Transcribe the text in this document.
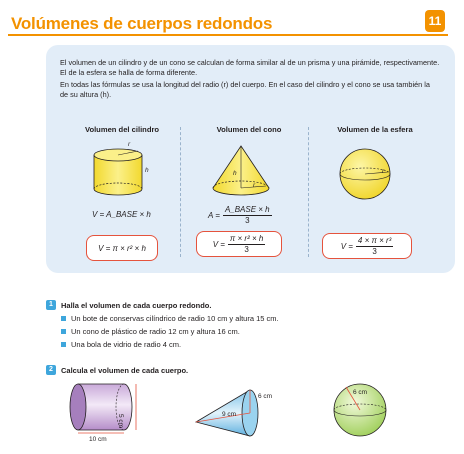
Volúmenes de cuerpos redondos	11

El volumen de un cilindro y de un cono se calculan de forma similar al de un prisma y una pirámide, respectivamente. El de la esfera se halla de forma diferente.

En todas las fórmulas se usa la longitud del radio (r) del cuerpo. En el caso del cilindro y el cono se usa también la de su altura (h).

Volumen del cilindro	Volumen del cono	Volumen de la esfera
r
h
V = A_BASE × h
V = π × r² × h
h
r
$A = \frac{\text{A\_BASE × h}}{3}$
$V = \frac{\text{π × r² × h}}{3}$
r
$V = \frac{\text{4 × π × r³}}{3}$
1	Halla el volumen de cada cuerpo redondo.
Un bote de conservas cilíndrico de radio 10 cm y altura 15 cm.
Un cono de plástico de radio 12 cm y altura 16 cm.
Una bola de vidrio de radio 4 cm.
2	Calcula el volumen de cada cuerpo.
10 cm
5 cm	9 cm
6 cm
6 cm
